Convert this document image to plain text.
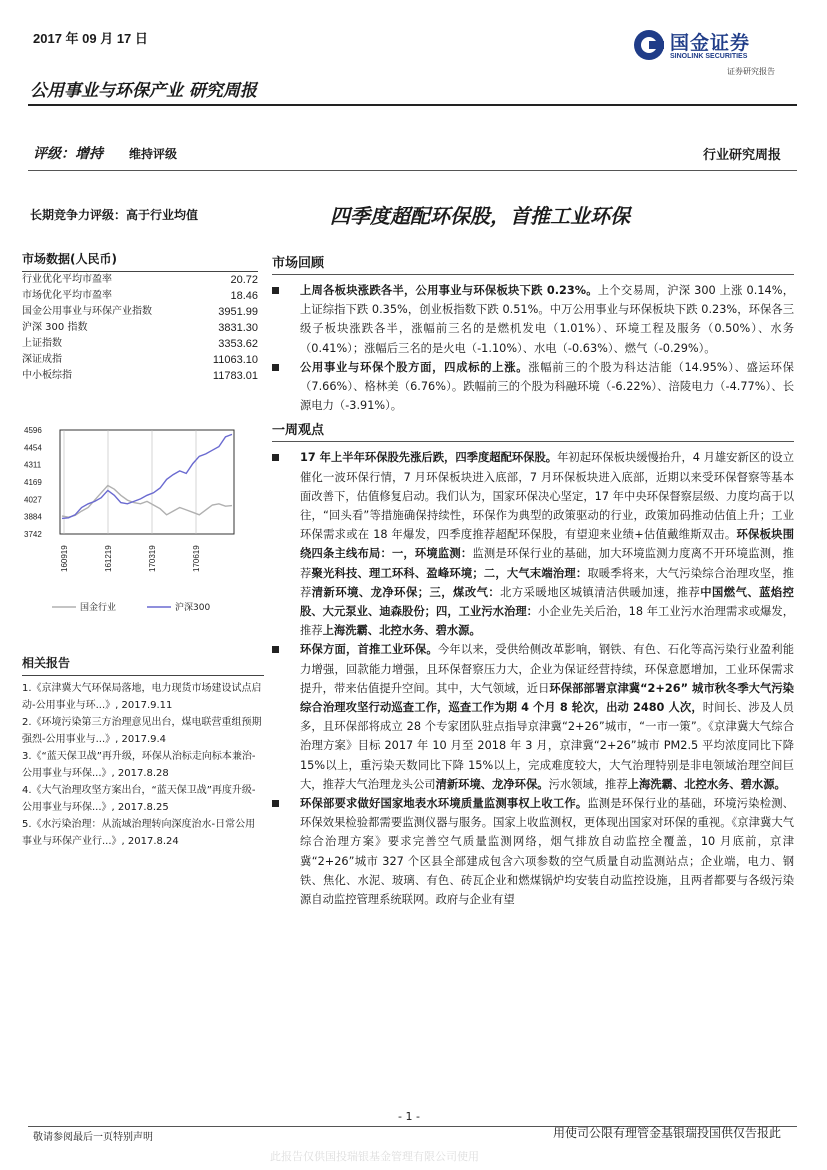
2017 年 09 月 17 日	国金证券
SINOLINK SECURITIES
证券研究报告
公用事业与环保产业 研究周报
评级：增持 维持评级	行业研究周报
长期竞争力评级：高于行业均值	四季度超配环保股，首推工业环保
市场数据(人民币)
行业优化平均市盈率	20.72
市场优化平均市盈率	18.46
国金公用事业与环保产业指数	3951.99
沪深 300 指数	3831.30
上证指数	3353.62
深证成指	11063.10
中小板综指	11783.01
4596
4454
4311
4169
4027
3884
3742
160919	161219	170319	170619
国金行业	沪深300
相关报告
1.《京津冀大气环保局落地，电力现货市场建设试点启动-公用事业与环...》, 2017.9.11
2.《环境污染第三方治理意见出台，煤电联营重组预期强烈-公用事业与...》, 2017.9.4
3.《“蓝天保卫战”再升级，环保从治标走向标本兼治-公用事业与环保...》, 2017.8.28
4.《大气治理攻坚方案出台，“蓝天保卫战”再度升级-公用事业与环保...》, 2017.8.25
5.《水污染治理：从流域治理转向深度治水-日常公用事业与环保产业行...》, 2017.8.24
市场回顾

上周各板块涨跌各半，公用事业与环保板块下跌 0.23%。上个交易周，沪深 300 上涨 0.14%，上证综指下跌 0.35%，创业板指数下跌 0.51%。中万公用事业与环保板块下跌 0.23%，环保各三级子板块涨跌各半，涨幅前三名的是燃机发电（1.01%）、环境工程及服务（0.50%）、水务（0.41%）；涨幅后三名的是火电（-1.10%）、水电（-0.63%）、燃气（-0.29%）。

公用事业与环保个股方面，四成标的上涨。涨幅前三的个股为科达洁能（14.95%）、盛运环保（7.66%）、格林美（6.76%）。跌幅前三的个股为科融环境（-6.22%）、涪陵电力（-4.77%）、长源电力（-3.91%）。

一周观点

17 年上半年环保股先涨后跌，四季度超配环保股。年初起环保板块缓慢抬升，4 月雄安新区的设立催化一波环保行情，7 月环保板块进入底部，7 月环保板块进入底部，近期以来受环保督察等基本面改善下，估值修复启动。我们认为，国家环保决心坚定，17 年中央环保督察层级、力度均高于以往，“回头看”等措施确保持续性，环保作为典型的政策驱动的行业，政策加码推动估值上升；工业环保需求或在 18 年爆发，四季度推荐超配环保股，有望迎来业绩+估值戴维斯双击。环保板块围绕四条主线布局：一，环境监测：监测是环保行业的基础，加大环境监测力度离不开环境监测，推荐聚光科技、理工环科、盈峰环境；二，大气末端治理：取暖季将来，大气污染综合治理攻坚，推荐清新环境、龙净环保；三，煤改气：北方采暖地区城镇清洁供暖加速，推荐中国燃气、蓝焰控股、大元泵业、迪森股份；四，工业污水治理：小企业先关后治，18 年工业污水治理需求或爆发，推荐上海洗霸、北控水务、碧水源。

环保方面，首推工业环保。今年以来，受供给侧改革影响，钢铁、有色、石化等高污染行业盈利能力增强，回款能力增强，且环保督察压力大，企业为保证经营持续，环保意愿增加，工业环保需求提升，带来估值提升空间。其中，大气领域，近日环保部部署京津冀“2+26” 城市秋冬季大气污染综合治理攻坚行动巡查工作，巡查工作为期 4 个月 8 轮次，出动 2480 人次，时间长、涉及人员多，且环保部将成立 28 个专家团队驻点指导京津冀“2+26”城市，“一市一策”。《京津冀大气综合治理方案》目标 2017 年 10 月至 2018 年 3 月，京津冀“2+26”城市 PM2.5 平均浓度同比下降 15%以上，重污染天数同比下降 15%以上，完成难度较大，大气治理特别是非电领域治理空间巨大，推荐大气治理龙头公司清新环境、龙净环保。污水领域，推荐上海洗霸、北控水务、碧水源。

环保部要求做好国家地表水环境质量监测事权上收工作。监测是环保行业的基础，环境污染检测、环保效果检验都需要监测仪器与服务。国家上收监测权，更体现出国家对环保的重视。《京津冀大气综合治理方案》要求完善空气质量监测网络，烟气排放自动监控全覆盖，10 月底前，京津冀“2+26”城市 327 个区县全部建成包含六项参数的空气质量自动监测站点；企业端，电力、钢铁、焦化、水泥、玻璃、有色、砖瓦企业和燃煤锅炉均安装自动监控设施，且两者都要与各级污染源自动监控管理系统联网。政府与企业有望

- 1 -
敬请参阅最后一页特别声明	用使司公限有理管金基银瑞投国供仅告报此
此报告仅供国投瑞银基金管理有限公司使用
